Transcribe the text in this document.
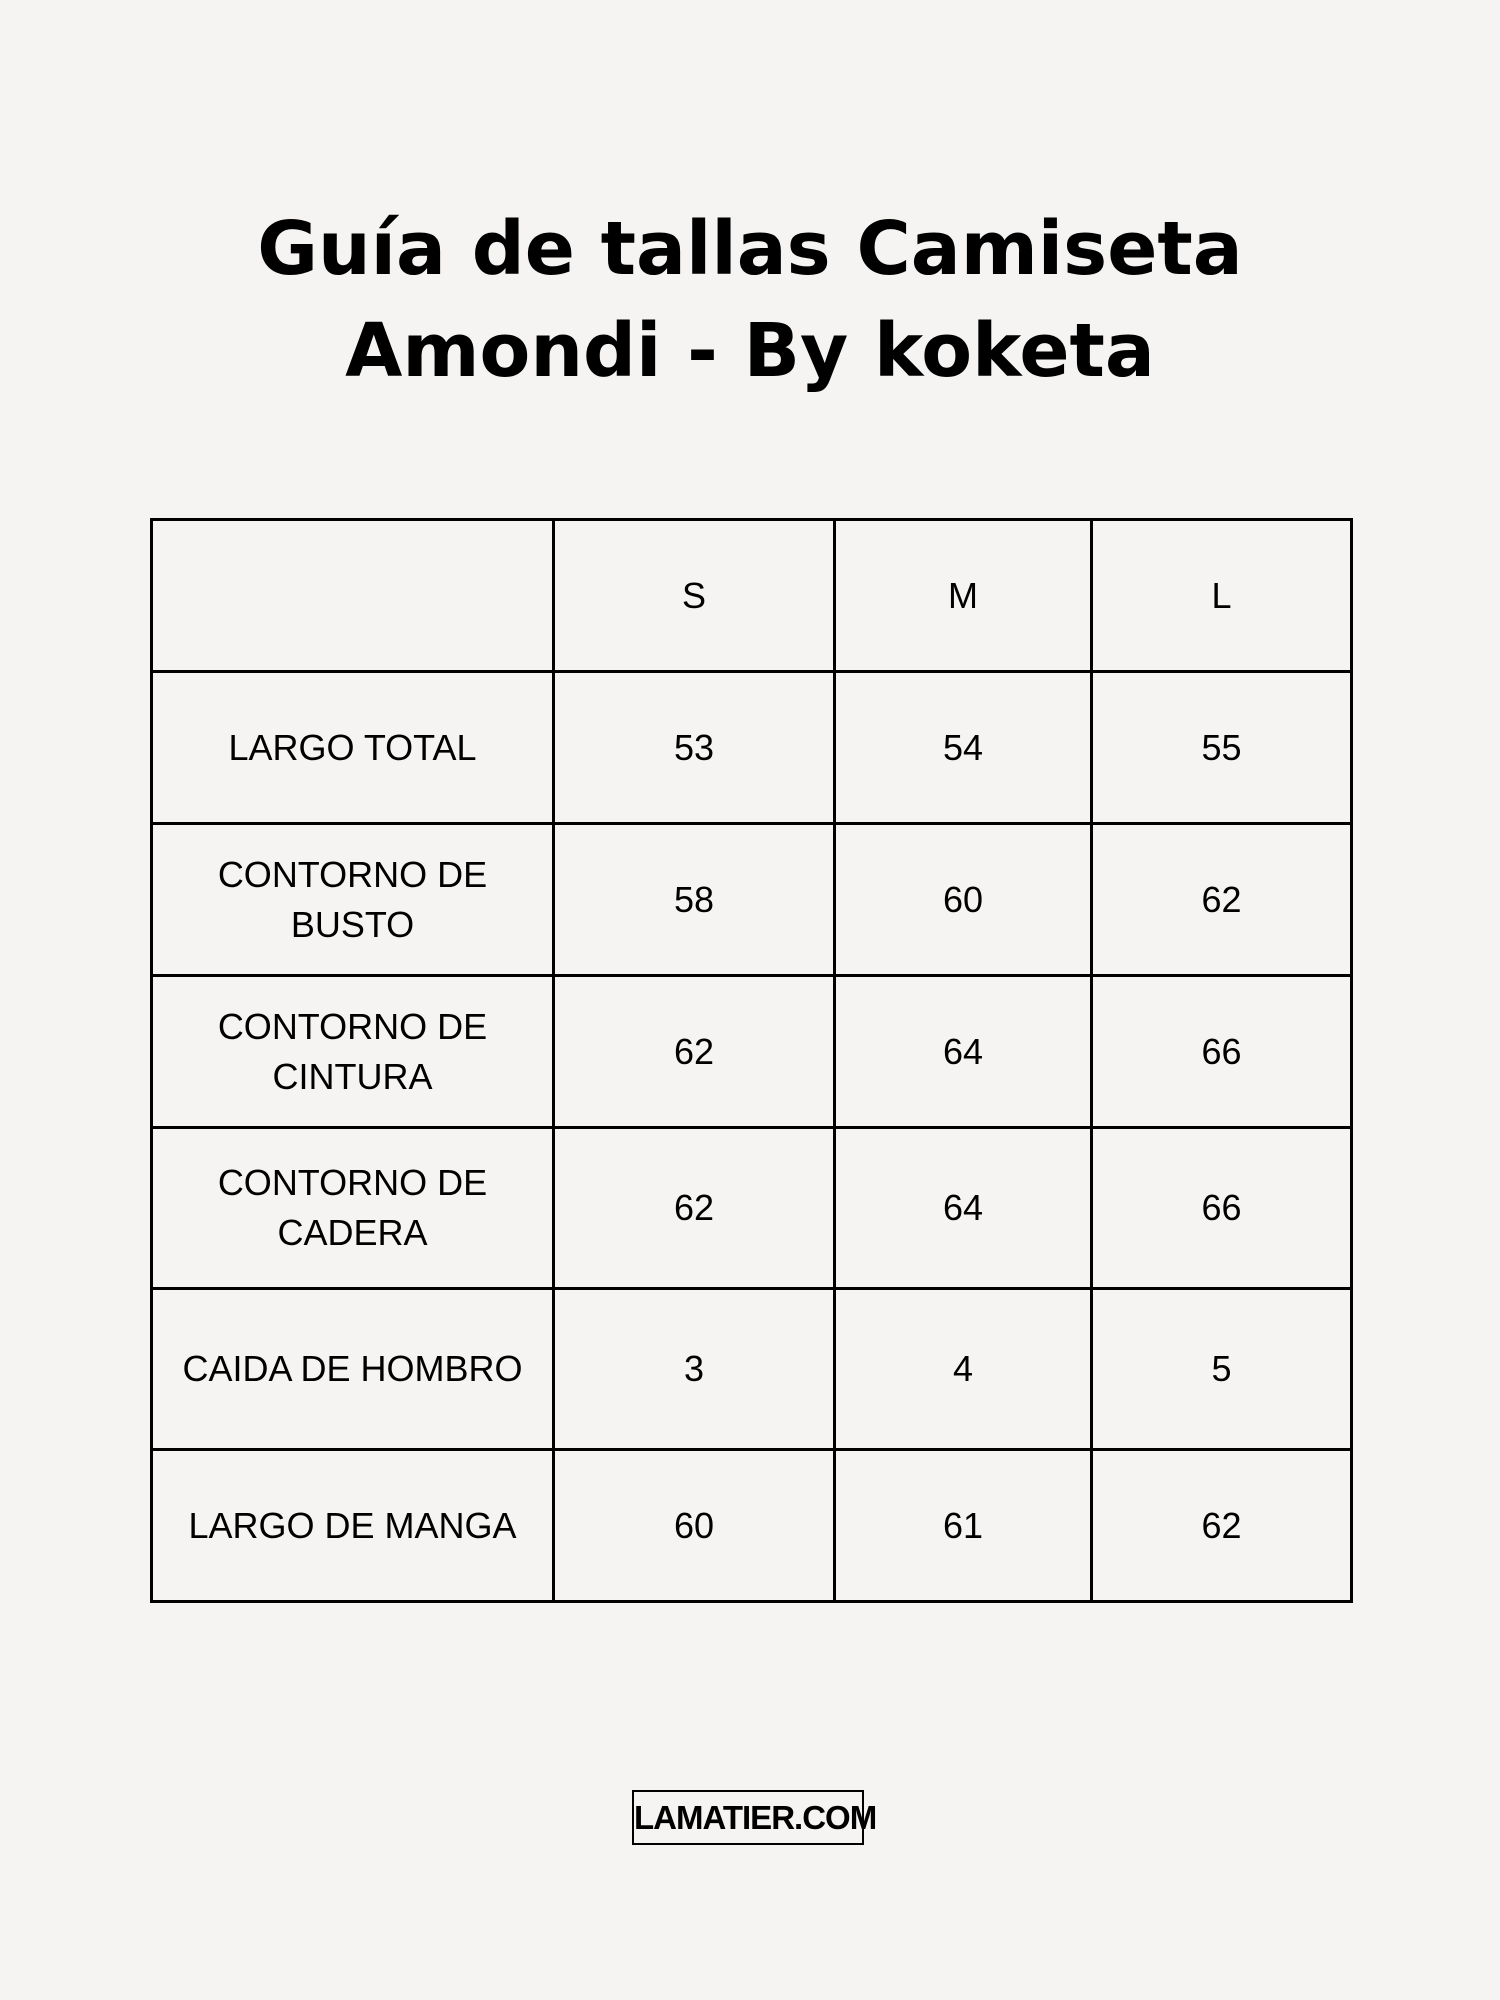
Guía de tallas Camiseta
Amondi - By koketa
	S	M	L
LARGO TOTAL	53	54	55
CONTORNO DE BUSTO	58	60	62
CONTORNO DE CINTURA	62	64	66
CONTORNO DE CADERA	62	64	66
CAIDA DE HOMBRO	3	4	5
LARGO DE MANGA	60	61	62
LAMATIER.COM
